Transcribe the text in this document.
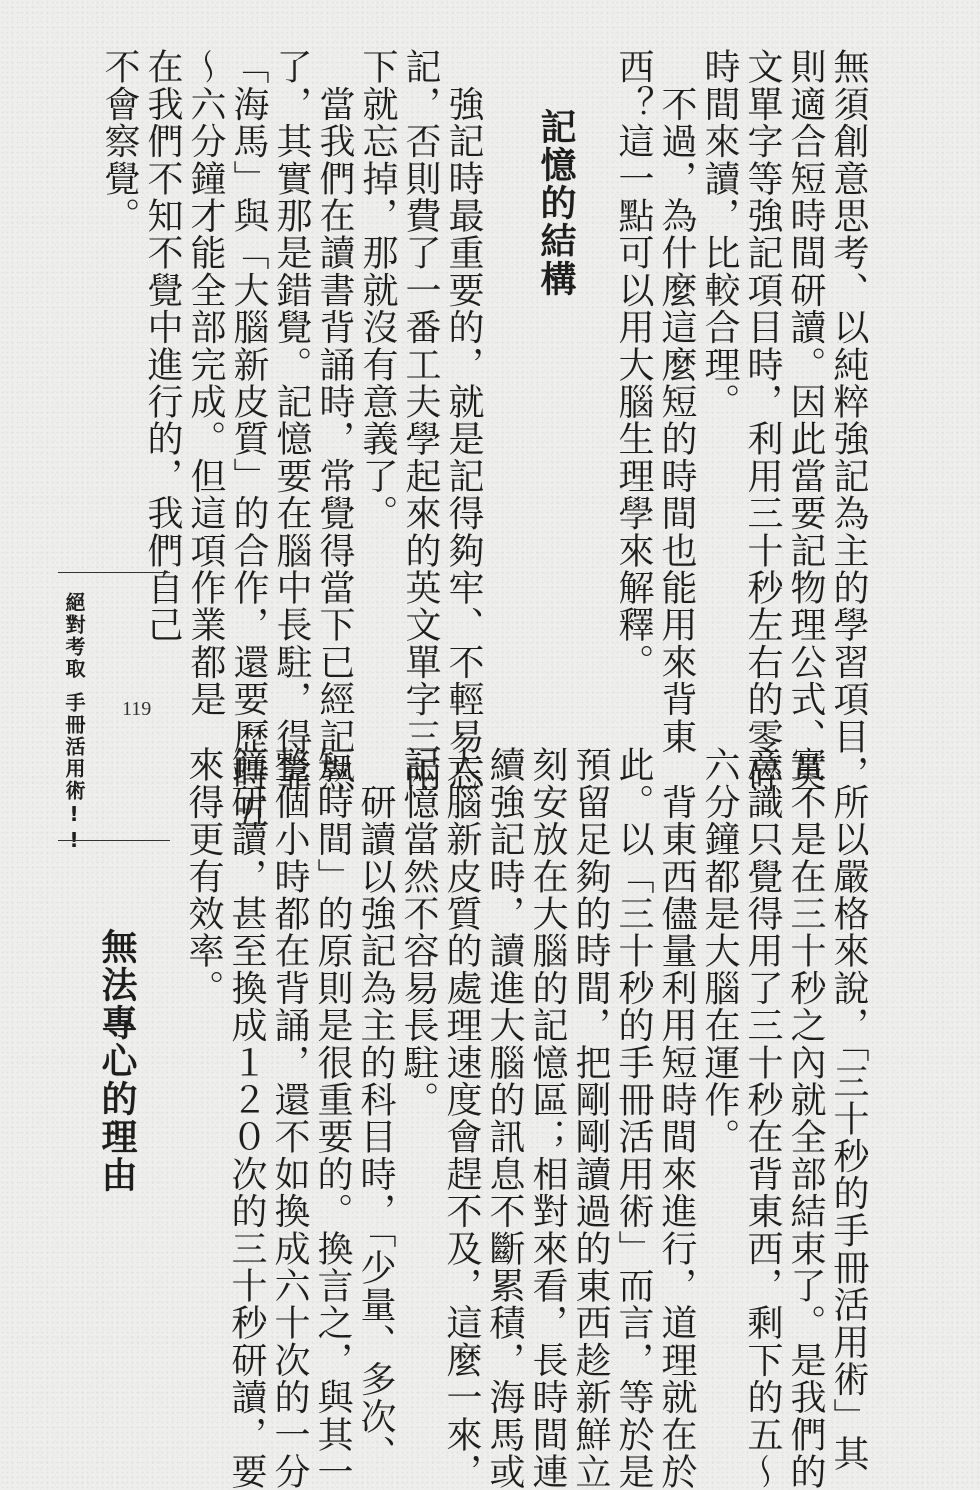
無須創意思考、以純粹強記為主的學習項目，
則適合短時間研讀。因此當要記物理公式、英
文單字等強記項目時，利用三十秒左右的零碎
時間來讀，比較合理。
　不過，為什麼這麼短的時間也能用來背東
西？這一點可以用大腦生理學來解釋。
記憶的結構
　強記時最重要的，就是記得夠牢、不輕易忘
記，否則費了一番工夫學起來的英文單字三兩
下就忘掉，那就沒有意義了。
　當我們在讀書背誦時，常覺得當下已經記熟
了，其實那是錯覺。記憶要在腦中長駐，得靠
「海馬」與「大腦新皮質」的合作，還要歷時五
～六分鐘才能全部完成。但這項作業都是
在我們不知不覺中進行的，我們自己
不會察覺。
絕對考取
手冊活用術!! 119
　所以嚴格來說，「三十秒的手冊活用術」其
實不是在三十秒之內就全部結束了。是我們的
意識只覺得用了三十秒在背東西，剩下的五～
六分鐘都是大腦在運作。
　背東西儘量利用短時間來進行，道理就在於
此。以「三十秒的手冊活用術」而言，等於是
預留足夠的時間，把剛剛讀過的東西趁新鮮立
刻安放在大腦的記憶區；相對來看，長時間連
續強記時，讀進大腦的訊息不斷累積，海馬或
大腦新皮質的處理速度會趕不及，這麼一來，
記憶當然不容易長駐。
　研讀以強記為主的科目時，「少量、多次、
短時間」的原則是很重要的。換言之，與其一
整個小時都在背誦，還不如換成六十次的一分
鐘研讀，甚至換成１２０次的三十秒研讀，要
來得更有效率。
無法專心的理由
